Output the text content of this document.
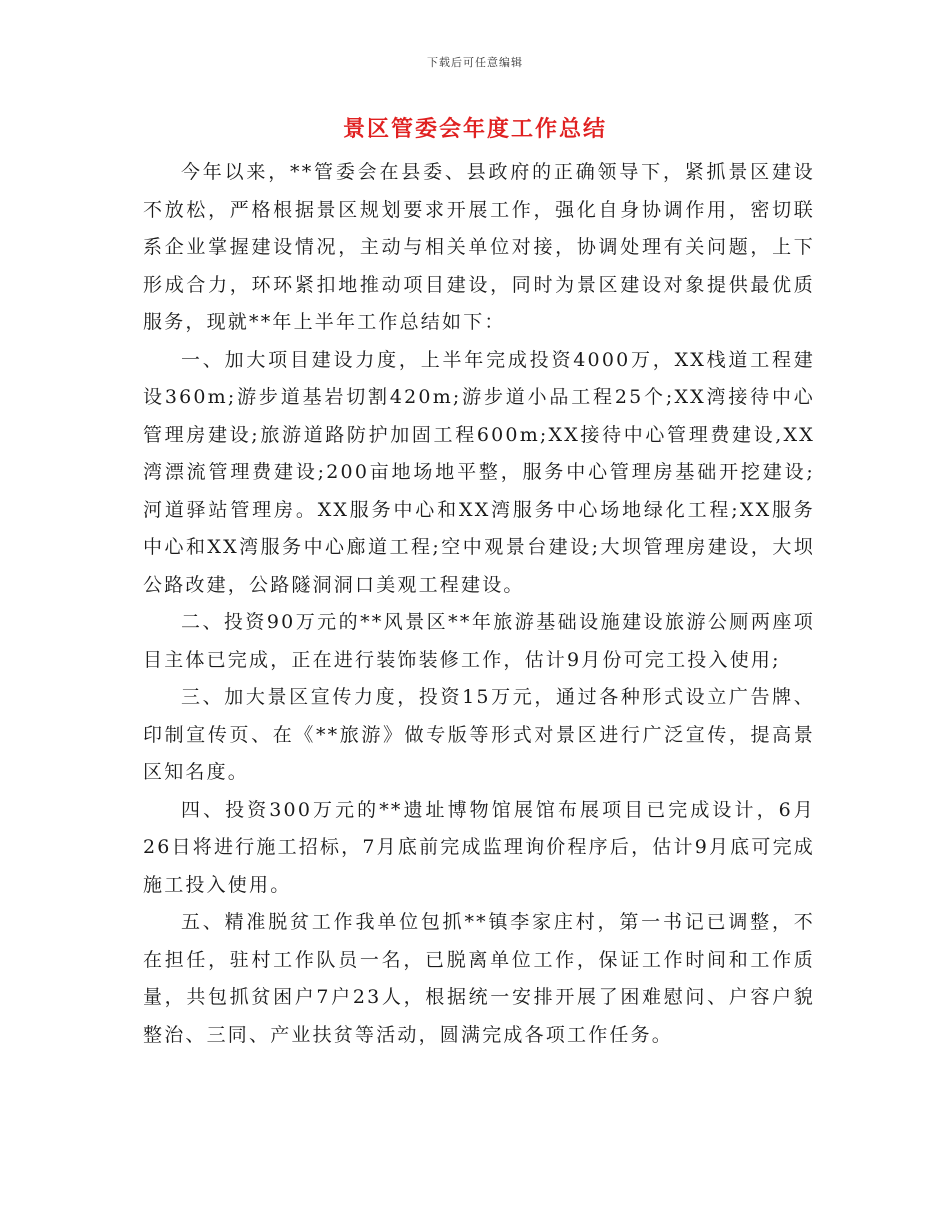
下载后可任意编辑
景区管委会年度工作总结

今年以来，**管委会在县委、县政府的正确领导下，紧抓景区建设不放松，严格根据景区规划要求开展工作，强化自身协调作用，密切联系企业掌握建设情况，主动与相关单位对接，协调处理有关问题，上下形成合力，环环紧扣地推动项目建设，同时为景区建设对象提供最优质服务，现就**年上半年工作总结如下：

一、加大项目建设力度，上半年完成投资4000万，XX栈道工程建设360m;游步道基岩切割420m;游步道小品工程25个;XX湾接待中心管理房建设;旅游道路防护加固工程600m;XX接待中心管理费建设,XX湾漂流管理费建设;200亩地场地平整，服务中心管理房基础开挖建设;河道驿站管理房。XX服务中心和XX湾服务中心场地绿化工程;XX服务中心和XX湾服务中心廊道工程;空中观景台建设;大坝管理房建设，大坝公路改建，公路隧洞洞口美观工程建设。

二、投资90万元的**风景区**年旅游基础设施建设旅游公厕两座项目主体已完成，正在进行装饰装修工作，估计9月份可完工投入使用;

三、加大景区宣传力度，投资15万元，通过各种形式设立广告牌、印制宣传页、在《**旅游》做专版等形式对景区进行广泛宣传，提高景区知名度。

四、投资300万元的**遗址博物馆展馆布展项目已完成设计，6月26日将进行施工招标，7月底前完成监理询价程序后，估计9月底可完成施工投入使用。

五、精准脱贫工作我单位包抓**镇李家庄村，第一书记已调整，不在担任，驻村工作队员一名，已脱离单位工作，保证工作时间和工作质量，共包抓贫困户7户23人，根据统一安排开展了困难慰问、户容户貌整治、三同、产业扶贫等活动，圆满完成各项工作任务。
